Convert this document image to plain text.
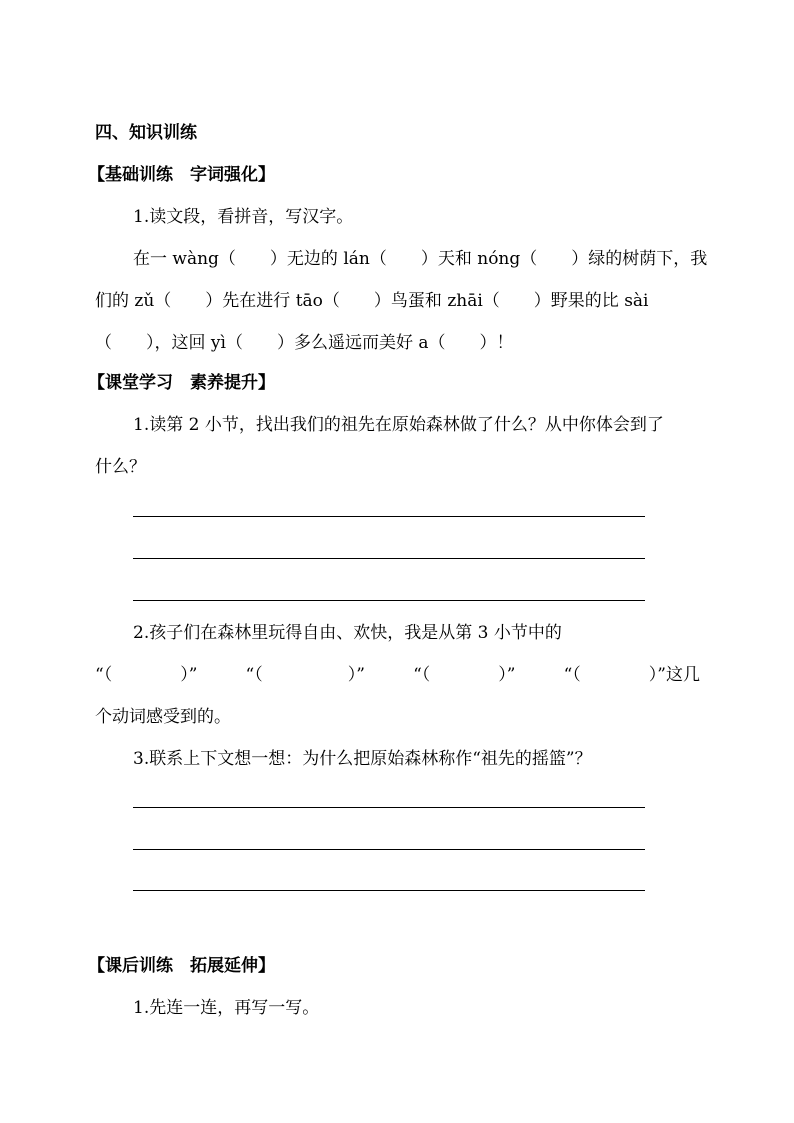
四、知识训练
【基础训练　字词强化】
1.读文段，看拼音，写汉字。
在一 wàng（　　）无边的 lán（　　）天和 nóng（　　）绿的树荫下，我
们的 zǔ（　　）先在进行 tāo（　　）鸟蛋和 zhāi（　　）野果的比 sài
（　　），这回 yì（　　）多么遥远而美好 a（　　）！
【课堂学习　素养提升】
1.读第 2 小节，找出我们的祖先在原始森林做了什么？从中你体会到了
什么？
2.孩子们在森林里玩得自由、欢快，我是从第 3 小节中的
“（　　　　）”	“（　　　　　）”	“（　　　　）”	“（　　　　）”这几
个动词感受到的。
3.联系上下文想一想：为什么把原始森林称作“祖先的摇篮”？
【课后训练　拓展延伸】
1.先连一连，再写一写。
